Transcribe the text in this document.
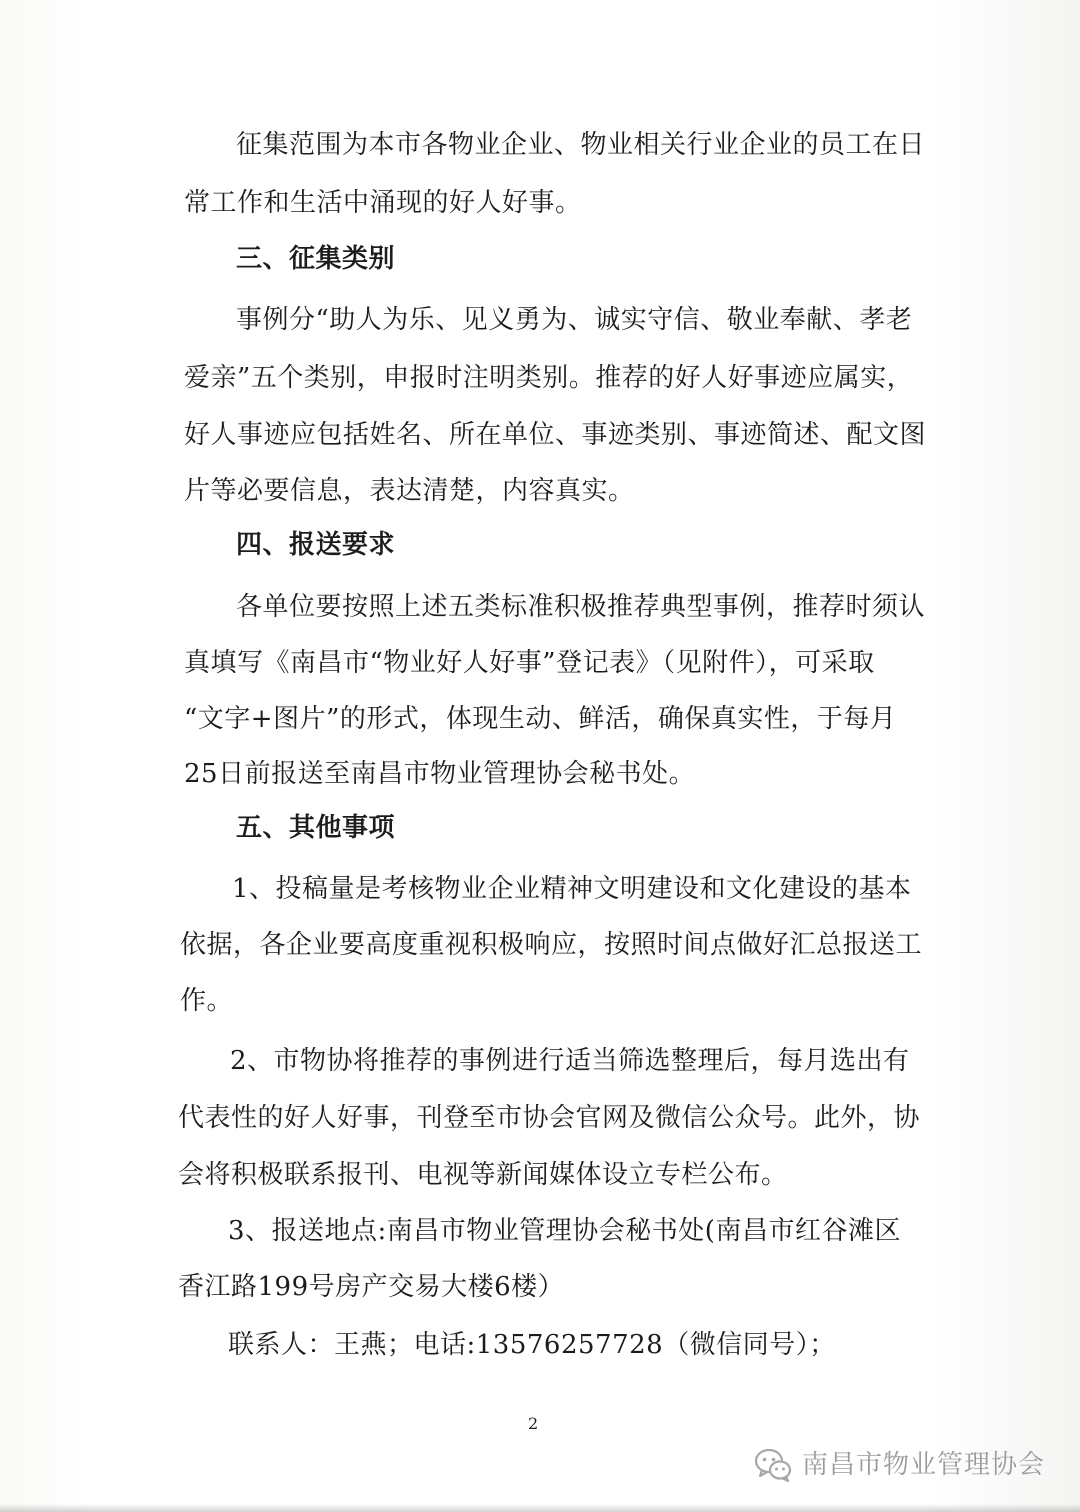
征集范围为本市各物业企业、物业相关行业企业的员工在日

常工作和生活中涌现的好人好事。

三、征集类别

事例分“助人为乐、见义勇为、诚实守信、敬业奉献、孝老

爱亲”五个类别，申报时注明类别。推荐的好人好事迹应属实，

好人事迹应包括姓名、所在单位、事迹类别、事迹简述、配文图

片等必要信息，表达清楚，内容真实。

四、报送要求

各单位要按照上述五类标准积极推荐典型事例，推荐时须认

真填写《南昌市“物业好人好事”登记表》（见附件），可采取

“文字+图片”的形式，体现生动、鲜活，确保真实性，于每月

25日前报送至南昌市物业管理协会秘书处。

五、其他事项

1、投稿量是考核物业企业精神文明建设和文化建设的基本

依据，各企业要高度重视积极响应，按照时间点做好汇总报送工

作。

2、市物协将推荐的事例进行适当筛选整理后，每月选出有

代表性的好人好事，刊登至市协会官网及微信公众号。此外，协

会将积极联系报刊、电视等新闻媒体设立专栏公布。

3、报送地点:南昌市物业管理协会秘书处(南昌市红谷滩区

香江路199号房产交易大楼6楼）

联系人：王燕；电话:13576257728（微信同号）；

2
南昌市物业管理协会
